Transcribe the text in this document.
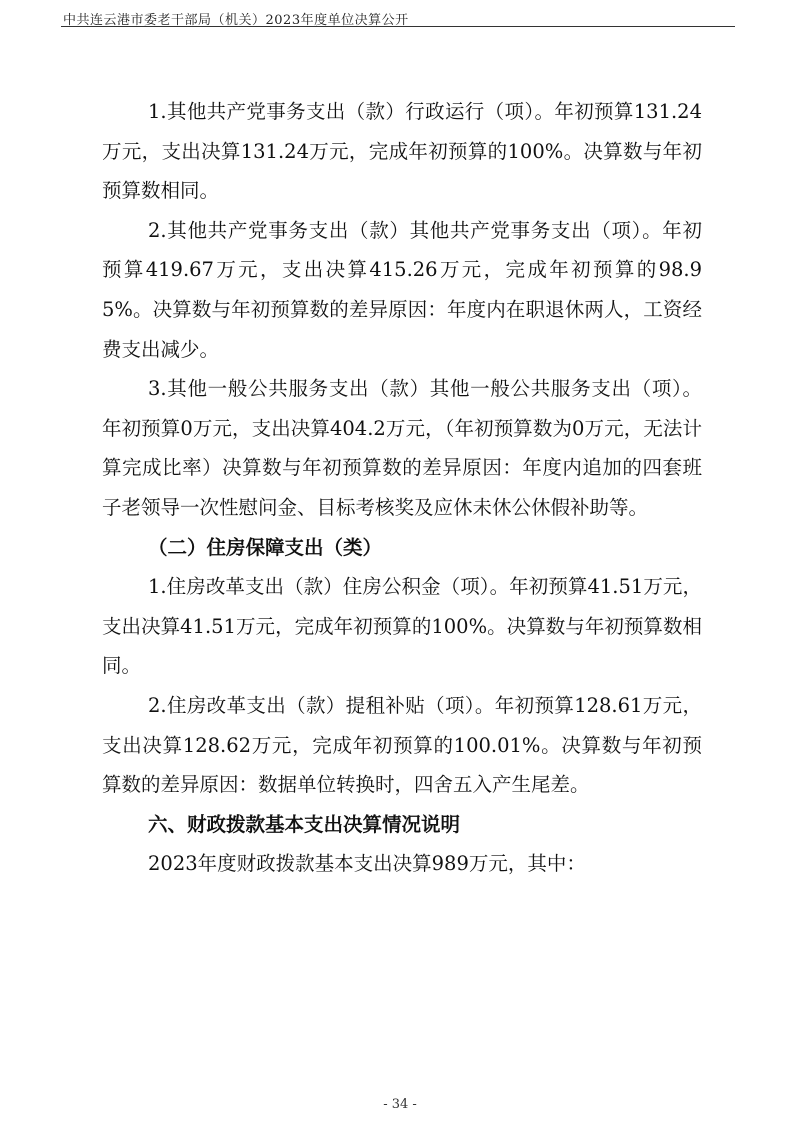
中共连云港市委老干部局（机关）2023年度单位决算公开

1.其他共产党事务支出（款）行政运行（项）。年初预算131.24万元，支出决算131.24万元，完成年初预算的100%。决算数与年初预算数相同。

2.其他共产党事务支出（款）其他共产党事务支出（项）。年初预算419.67万元，支出决算415.26万元，完成年初预算的98.95%。决算数与年初预算数的差异原因：年度内在职退休两人，工资经费支出减少。

3.其他一般公共服务支出（款）其他一般公共服务支出（项）。年初预算0万元，支出决算404.2万元，（年初预算数为0万元，无法计算完成比率）决算数与年初预算数的差异原因：年度内追加的四套班子老领导一次性慰问金、目标考核奖及应休未休公休假补助等。

（二）住房保障支出（类）

1.住房改革支出（款）住房公积金（项）。年初预算41.51万元，支出决算41.51万元，完成年初预算的100%。决算数与年初预算数相同。

2.住房改革支出（款）提租补贴（项）。年初预算128.61万元，支出决算128.62万元，完成年初预算的100.01%。决算数与年初预算数的差异原因：数据单位转换时，四舍五入产生尾差。

六、财政拨款基本支出决算情况说明

2023年度财政拨款基本支出决算989万元，其中：

- 34 -
